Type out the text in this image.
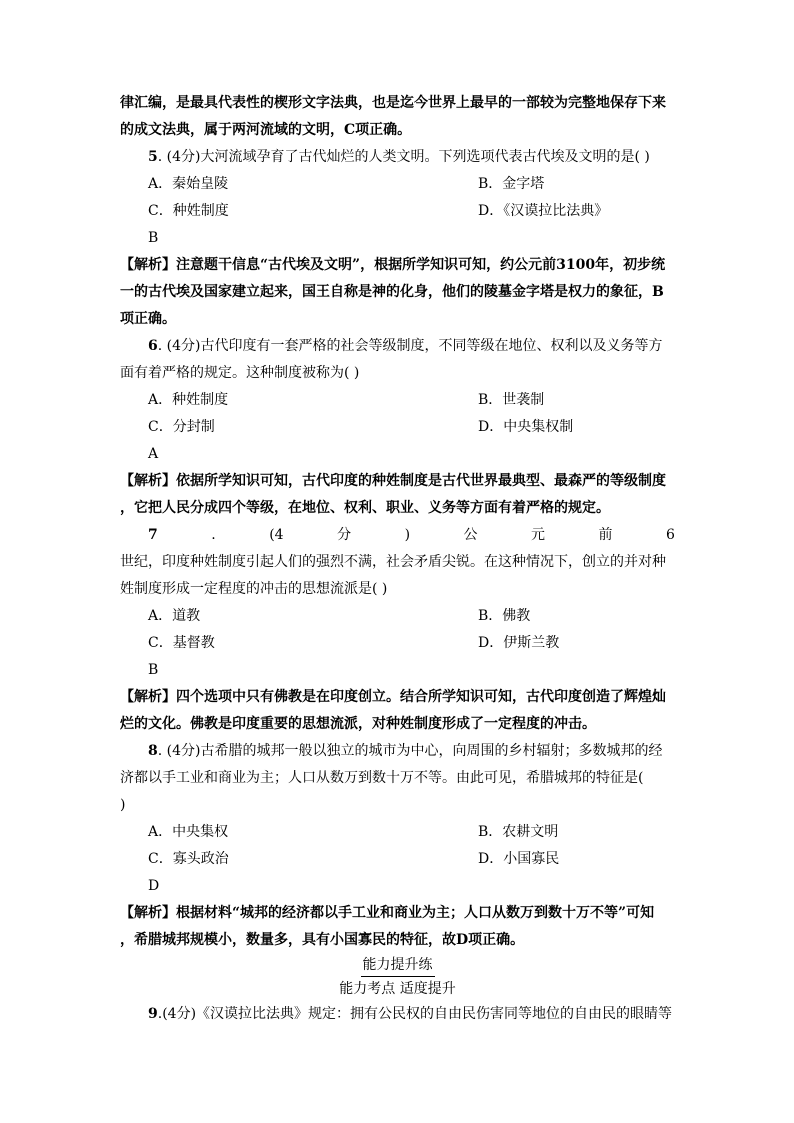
律汇编，是最具代表性的楔形文字法典，也是迄今世界上最早的一部较为完整地保存下来
的成文法典，属于两河流域的文明，C项正确。
5. (4分)大河流域孕育了古代灿烂的人类文明。下列选项代表古代埃及文明的是( )
A．秦始皇陵	B．金字塔
C．种姓制度	D．《汉谟拉比法典》
B
【解析】注意题干信息“古代埃及文明”，根据所学知识可知，约公元前3100年，初步统
一的古代埃及国家建立起来，国王自称是神的化身，他们的陵墓金字塔是权力的象征，B
项正确。
6. (4分)古代印度有一套严格的社会等级制度，不同等级在地位、权利以及义务等方
面有着严格的规定。这种制度被称为( )
A．种姓制度	B．世袭制
C．分封制	D．中央集权制
A
【解析】依据所学知识可知，古代印度的种姓制度是古代世界最典型、最森严的等级制度
，它把人民分成四个等级，在地位、权利、职业、义务等方面有着严格的规定。
7	.	(4	分	)	公	元	前	6
世纪，印度种姓制度引起人们的强烈不满，社会矛盾尖锐。在这种情况下，创立的并对种
姓制度形成一定程度的冲击的思想流派是( )
A．道教	B．佛教
C．基督教	D．伊斯兰教
B
【解析】四个选项中只有佛教是在印度创立。结合所学知识可知，古代印度创造了辉煌灿
烂的文化。佛教是印度重要的思想流派，对种姓制度形成了一定程度的冲击。
8. (4分)古希腊的城邦一般以独立的城市为中心，向周围的乡村辐射；多数城邦的经
济都以手工业和商业为主；人口从数万到数十万不等。由此可见，希腊城邦的特征是(
)
A．中央集权	B．农耕文明
C．寡头政治	D．小国寡民
D
【解析】根据材料“城邦的经济都以手工业和商业为主；人口从数万到数十万不等”可知
，希腊城邦规模小，数量多，具有小国寡民的特征，故D项正确。
能力提升练
能力考点 适度提升
9.(4分)《汉谟拉比法典》规定：拥有公民权的自由民伤害同等地位的自由民的眼睛等
